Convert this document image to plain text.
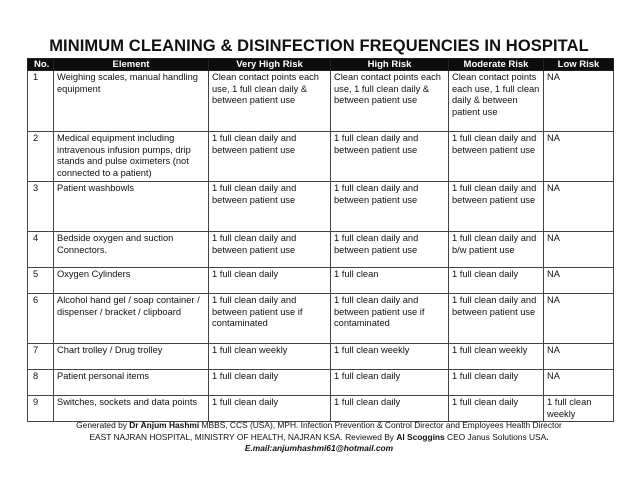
MINIMUM CLEANING & DISINFECTION FREQUENCIES IN HOSPITAL
No.	Element	Very High Risk	High Risk	Moderate Risk	Low Risk
1	Weighing scales, manual handling equipment	Clean contact points each use, 1 full clean daily & between patient use	Clean contact points each use, 1 full clean daily & between patient use	Clean contact points each use, 1 full clean daily & between patient use	NA
2	Medical equipment including intravenous infusion pumps, drip stands and pulse oximeters (not connected to a patient)	1 full clean daily and between patient use	1 full clean daily and between patient use	1 full clean daily and between patient use	NA
3	Patient washbowls	1 full clean daily and between patient use	1 full clean daily and between patient use	1 full clean daily and between patient use	NA
4	Bedside oxygen and suction Connectors.	1 full clean daily and between patient use	1 full clean daily and between patient use	1 full clean daily and b/w patient use	NA
5	Oxygen Cylinders	1 full clean daily	1 full clean	1 full clean daily	NA
6	Alcohol hand gel / soap container / dispenser / bracket / clipboard	1 full clean daily and between patient use if contaminated	1 full clean daily and between patient use if contaminated	1 full clean daily and between patient use	NA
7	Chart trolley / Drug trolley	1 full clean weekly	1 full clean weekly	1 full clean weekly	NA
8	Patient personal items	1 full clean daily	1 full clean daily	1 full clean daily	NA
9	Switches, sockets and data points	1 full clean daily	1 full clean daily	1 full clean daily	1 full clean weekly
Generated by Dr Anjum Hashmi MBBS, CCS (USA), MPH. Infection Prevention & Control Director and Employees Health Director
EAST NAJRAN HOSPITAL, MINISTRY OF HEALTH, NAJRAN KSA. Reviewed By Al Scoggins CEO Janus Solutions USA.
E.mail:anjumhashmi61@hotmail.com
